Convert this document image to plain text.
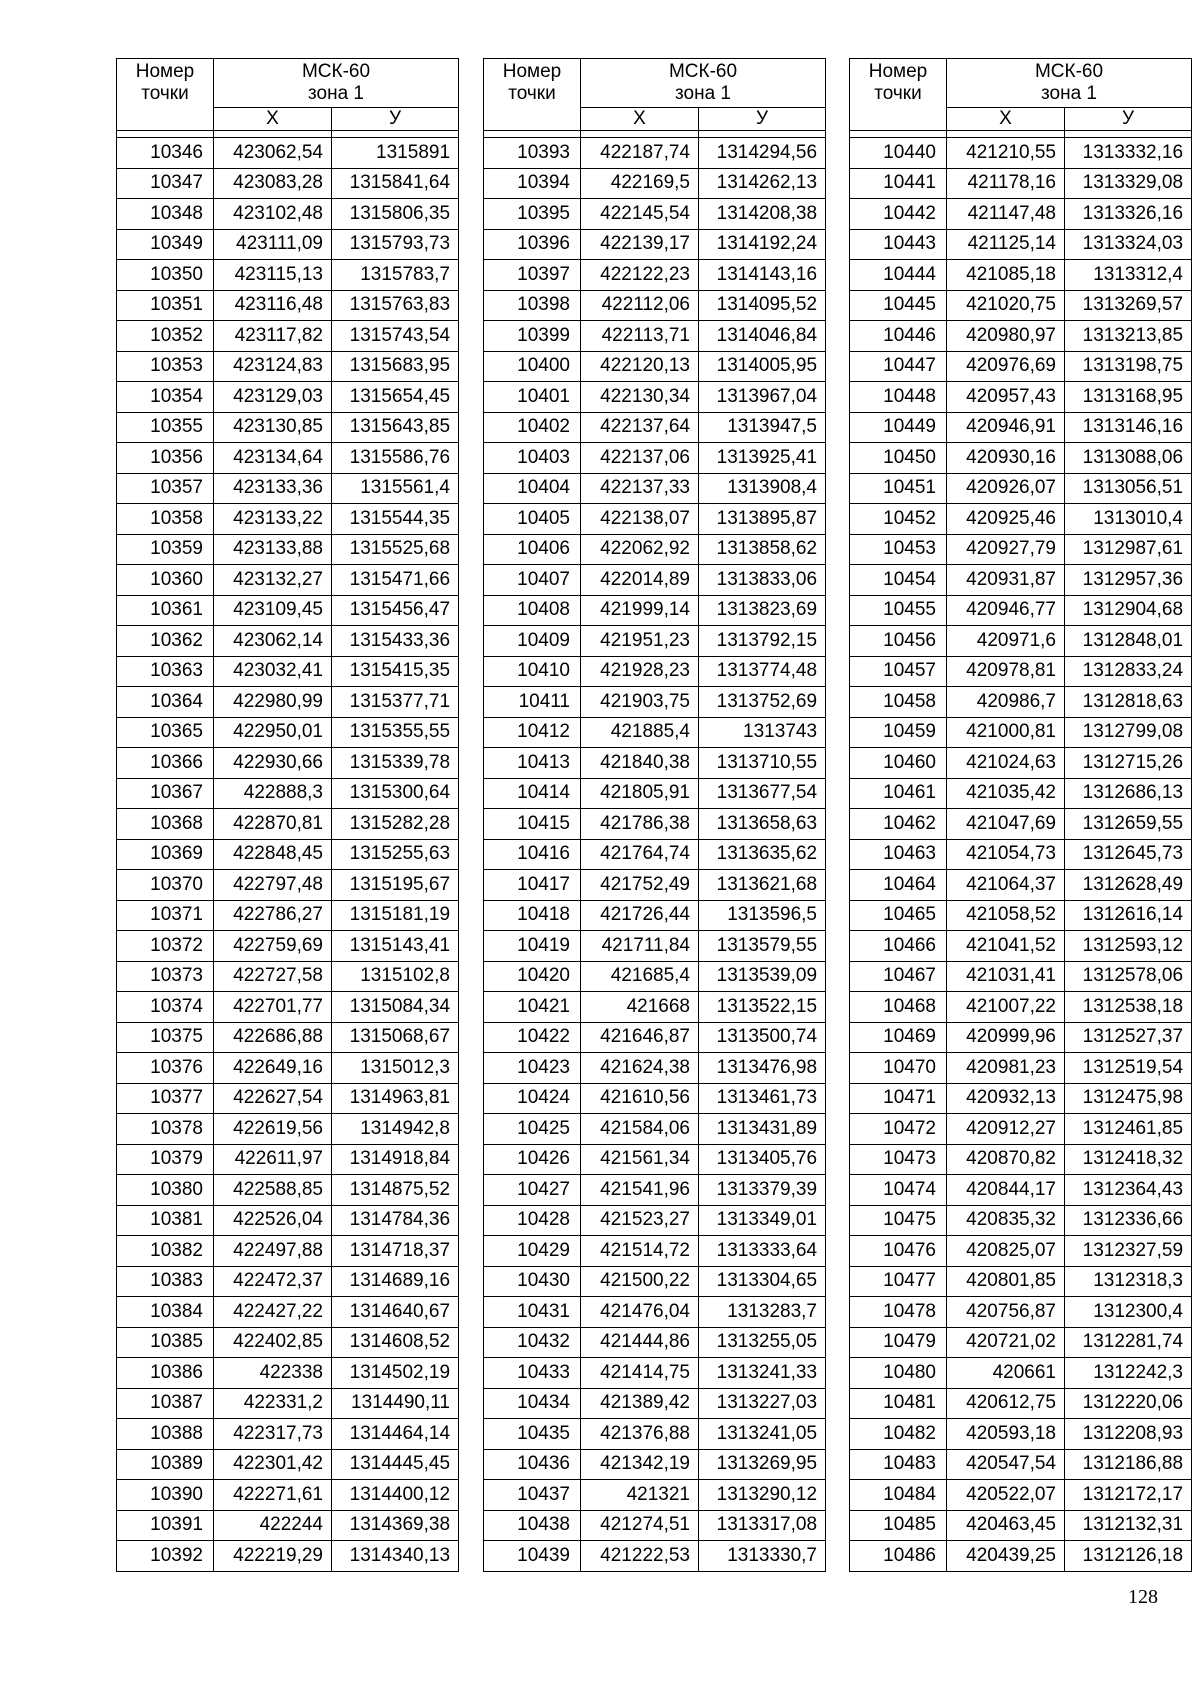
Номер точки	МСК-60
зона 1	
	Х	У

10346	423062,54	1315891
10347	423083,28	1315841,64
10348	423102,48	1315806,35
10349	423111,09	1315793,73
10350	423115,13	1315783,7
10351	423116,48	1315763,83
10352	423117,82	1315743,54
10353	423124,83	1315683,95
10354	423129,03	1315654,45
10355	423130,85	1315643,85
10356	423134,64	1315586,76
10357	423133,36	1315561,4
10358	423133,22	1315544,35
10359	423133,88	1315525,68
10360	423132,27	1315471,66
10361	423109,45	1315456,47
10362	423062,14	1315433,36
10363	423032,41	1315415,35
10364	422980,99	1315377,71
10365	422950,01	1315355,55
10366	422930,66	1315339,78
10367	422888,3	1315300,64
10368	422870,81	1315282,28
10369	422848,45	1315255,63
10370	422797,48	1315195,67
10371	422786,27	1315181,19
10372	422759,69	1315143,41
10373	422727,58	1315102,8
10374	422701,77	1315084,34
10375	422686,88	1315068,67
10376	422649,16	1315012,3
10377	422627,54	1314963,81
10378	422619,56	1314942,8
10379	422611,97	1314918,84
10380	422588,85	1314875,52
10381	422526,04	1314784,36
10382	422497,88	1314718,37
10383	422472,37	1314689,16
10384	422427,22	1314640,67
10385	422402,85	1314608,52
10386	422338	1314502,19
10387	422331,2	1314490,11
10388	422317,73	1314464,14
10389	422301,42	1314445,45
10390	422271,61	1314400,12
10391	422244	1314369,38
10392	422219,29	1314340,13
Номер точки	МСК-60
зона 1	
	Х	У

10393	422187,74	1314294,56
10394	422169,5	1314262,13
10395	422145,54	1314208,38
10396	422139,17	1314192,24
10397	422122,23	1314143,16
10398	422112,06	1314095,52
10399	422113,71	1314046,84
10400	422120,13	1314005,95
10401	422130,34	1313967,04
10402	422137,64	1313947,5
10403	422137,06	1313925,41
10404	422137,33	1313908,4
10405	422138,07	1313895,87
10406	422062,92	1313858,62
10407	422014,89	1313833,06
10408	421999,14	1313823,69
10409	421951,23	1313792,15
10410	421928,23	1313774,48
10411	421903,75	1313752,69
10412	421885,4	1313743
10413	421840,38	1313710,55
10414	421805,91	1313677,54
10415	421786,38	1313658,63
10416	421764,74	1313635,62
10417	421752,49	1313621,68
10418	421726,44	1313596,5
10419	421711,84	1313579,55
10420	421685,4	1313539,09
10421	421668	1313522,15
10422	421646,87	1313500,74
10423	421624,38	1313476,98
10424	421610,56	1313461,73
10425	421584,06	1313431,89
10426	421561,34	1313405,76
10427	421541,96	1313379,39
10428	421523,27	1313349,01
10429	421514,72	1313333,64
10430	421500,22	1313304,65
10431	421476,04	1313283,7
10432	421444,86	1313255,05
10433	421414,75	1313241,33
10434	421389,42	1313227,03
10435	421376,88	1313241,05
10436	421342,19	1313269,95
10437	421321	1313290,12
10438	421274,51	1313317,08
10439	421222,53	1313330,7
Номер точки	МСК-60
зона 1	
	Х	У

10440	421210,55	1313332,16
10441	421178,16	1313329,08
10442	421147,48	1313326,16
10443	421125,14	1313324,03
10444	421085,18	1313312,4
10445	421020,75	1313269,57
10446	420980,97	1313213,85
10447	420976,69	1313198,75
10448	420957,43	1313168,95
10449	420946,91	1313146,16
10450	420930,16	1313088,06
10451	420926,07	1313056,51
10452	420925,46	1313010,4
10453	420927,79	1312987,61
10454	420931,87	1312957,36
10455	420946,77	1312904,68
10456	420971,6	1312848,01
10457	420978,81	1312833,24
10458	420986,7	1312818,63
10459	421000,81	1312799,08
10460	421024,63	1312715,26
10461	421035,42	1312686,13
10462	421047,69	1312659,55
10463	421054,73	1312645,73
10464	421064,37	1312628,49
10465	421058,52	1312616,14
10466	421041,52	1312593,12
10467	421031,41	1312578,06
10468	421007,22	1312538,18
10469	420999,96	1312527,37
10470	420981,23	1312519,54
10471	420932,13	1312475,98
10472	420912,27	1312461,85
10473	420870,82	1312418,32
10474	420844,17	1312364,43
10475	420835,32	1312336,66
10476	420825,07	1312327,59
10477	420801,85	1312318,3
10478	420756,87	1312300,4
10479	420721,02	1312281,74
10480	420661	1312242,3
10481	420612,75	1312220,06
10482	420593,18	1312208,93
10483	420547,54	1312186,88
10484	420522,07	1312172,17
10485	420463,45	1312132,31
10486	420439,25	1312126,18
128
